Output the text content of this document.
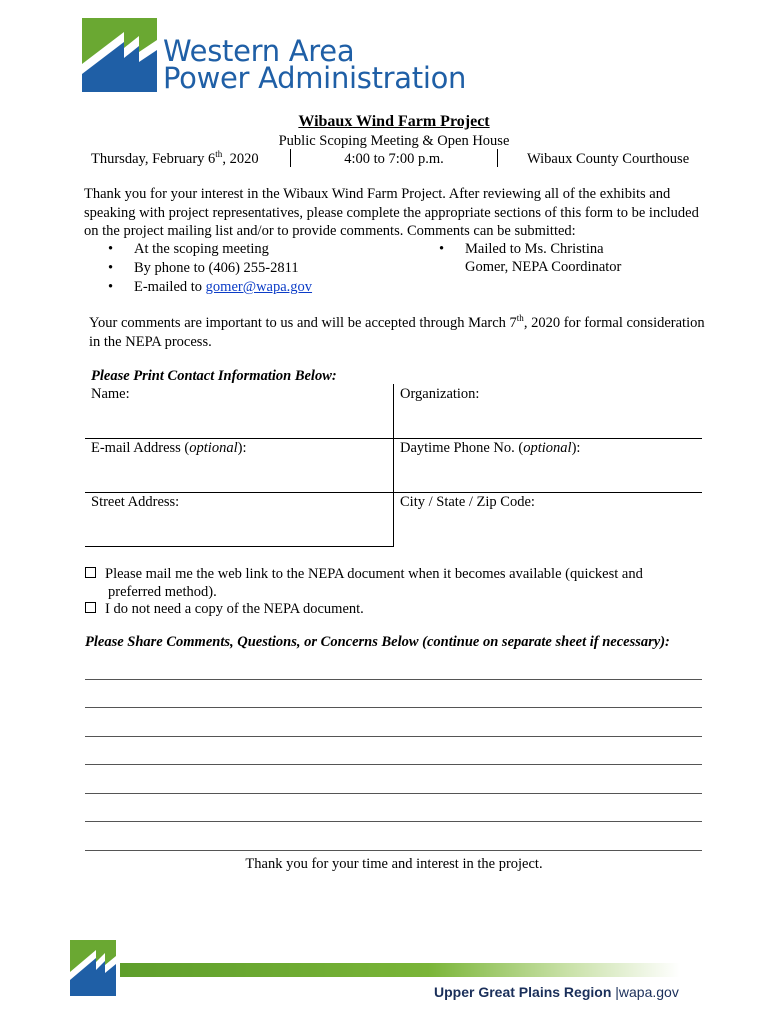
Western Area
Power Administration
Wibaux Wind Farm Project
Public Scoping Meeting & Open House
Thursday, February 6th, 2020	4:00 to 7:00 p.m.	Wibaux County Courthouse
Thank you for your interest in the Wibaux Wind Farm Project. After reviewing all of the exhibits and speaking with project representatives, please complete the appropriate sections of this form to be included on the project mailing list and/or to provide comments. Comments can be submitted:
• At the scoping meeting
• By phone to (406) 255-2811
• E-mailed to gomer@wapa.gov
• Mailed to Ms. Christina
Gomer, NEPA Coordinator
Your comments are important to us and will be accepted through March 7th, 2020 for formal consideration in the NEPA process.
Please Print Contact Information Below:
Name:	Organization:
E-mail Address (optional):	Daytime Phone No. (optional):
Street Address:	City / State / Zip Code:
Please mail me the web link to the NEPA document when it becomes available (quickest and
preferred method).
I do not need a copy of the NEPA document.
Please Share Comments, Questions, or Concerns Below (continue on separate sheet if necessary):
Thank you for your time and interest in the project.
Upper Great Plains Region |wapa.gov
